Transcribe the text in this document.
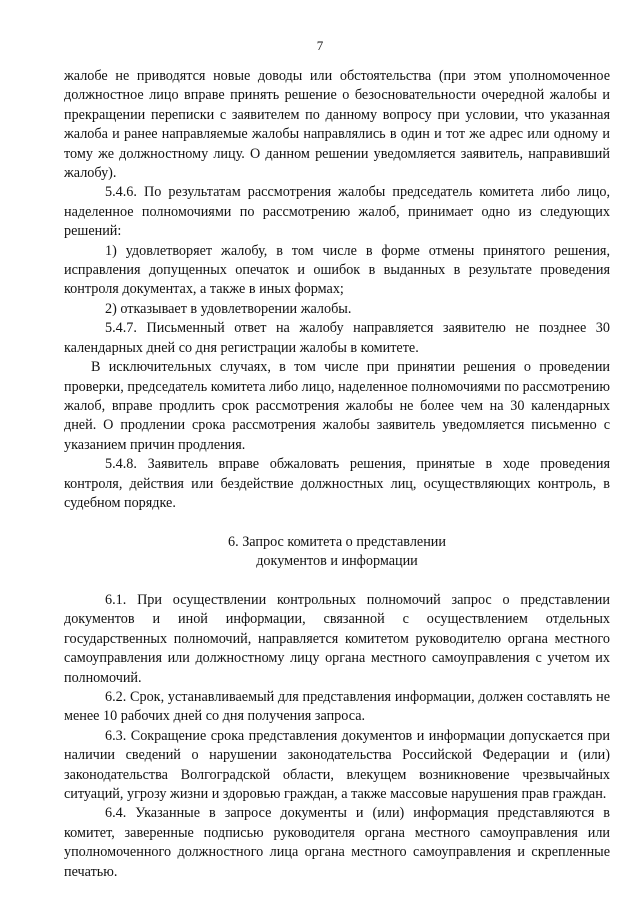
7

жалобе не приводятся новые доводы или обстоятельства (при этом уполномоченное должностное лицо вправе принять решение о безосновательности очередной жалобы и прекращении переписки с заявителем по данному вопросу при условии, что указанная жалоба и ранее направляемые жалобы направлялись в один и тот же адрес или одному и тому же должностному лицу. О данном решении уведомляется заявитель, направивший жалобу).

5.4.6. По результатам рассмотрения жалобы председатель комитета либо лицо, наделенное полномочиями по рассмотрению жалоб, принимает одно из следующих решений:

1) удовлетворяет жалобу, в том числе в форме отмены принятого решения, исправления допущенных опечаток и ошибок в выданных в результате проведения контроля документах, а также в иных формах;

2) отказывает в удовлетворении жалобы.

5.4.7. Письменный ответ на жалобу направляется заявителю не позднее 30 календарных дней со дня регистрации жалобы в комитете.

В исключительных случаях, в том числе при принятии решения о проведении проверки, председатель комитета либо лицо, наделенное полномочиями по рассмотрению жалоб, вправе продлить срок рассмотрения жалобы не более чем на 30 календарных дней. О продлении срока рассмотрения жалобы заявитель уведомляется письменно с указанием причин продления.

5.4.8. Заявитель вправе обжаловать решения, принятые в ходе проведения контроля, действия или бездействие должностных лиц, осуществляющих контроль, в судебном порядке.

6. Запрос комитета о представлении

документов и информации

6.1. При осуществлении контрольных полномочий запрос о представлении документов и иной информации, связанной с осуществлением отдельных государственных полномочий, направляется комитетом руководителю органа местного самоуправления или должностному лицу органа местного самоуправления с учетом их полномочий.

6.2. Срок, устанавливаемый для представления информации, должен составлять не менее 10 рабочих дней со дня получения запроса.

6.3. Сокращение срока представления документов и информации допускается при наличии сведений о нарушении законодательства Российской Федерации и (или) законодательства Волгоградской области, влекущем возникновение чрезвычайных ситуаций, угрозу жизни и здоровью граждан, а также массовые нарушения прав граждан.

6.4. Указанные в запросе документы и (или) информация представляются в комитет, заверенные подписью руководителя органа местного самоуправления или уполномоченного должностного лица органа местного самоуправления и скрепленные печатью.
